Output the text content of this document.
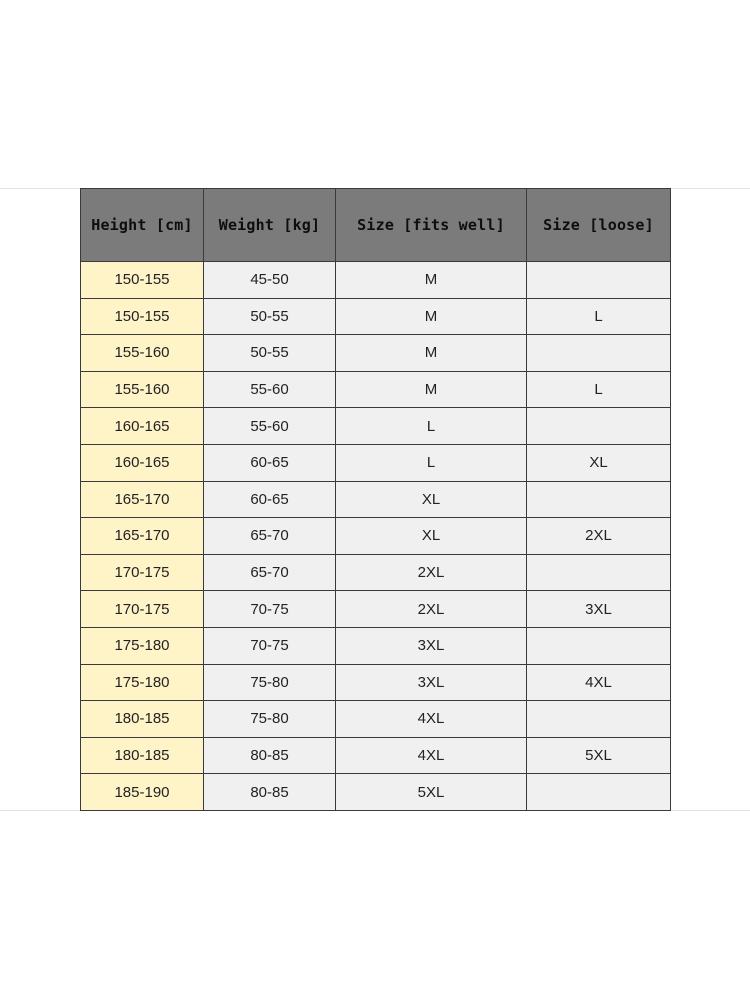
Height [cm]	Weight [kg]	Size [fits well]	Size [loose]
150-155	45-50	M	
150-155	50-55	M	L
155-160	50-55	M	
155-160	55-60	M	L
160-165	55-60	L	
160-165	60-65	L	XL
165-170	60-65	XL	
165-170	65-70	XL	2XL
170-175	65-70	2XL	
170-175	70-75	2XL	3XL
175-180	70-75	3XL	
175-180	75-80	3XL	4XL
180-185	75-80	4XL	
180-185	80-85	4XL	5XL
185-190	80-85	5XL	
